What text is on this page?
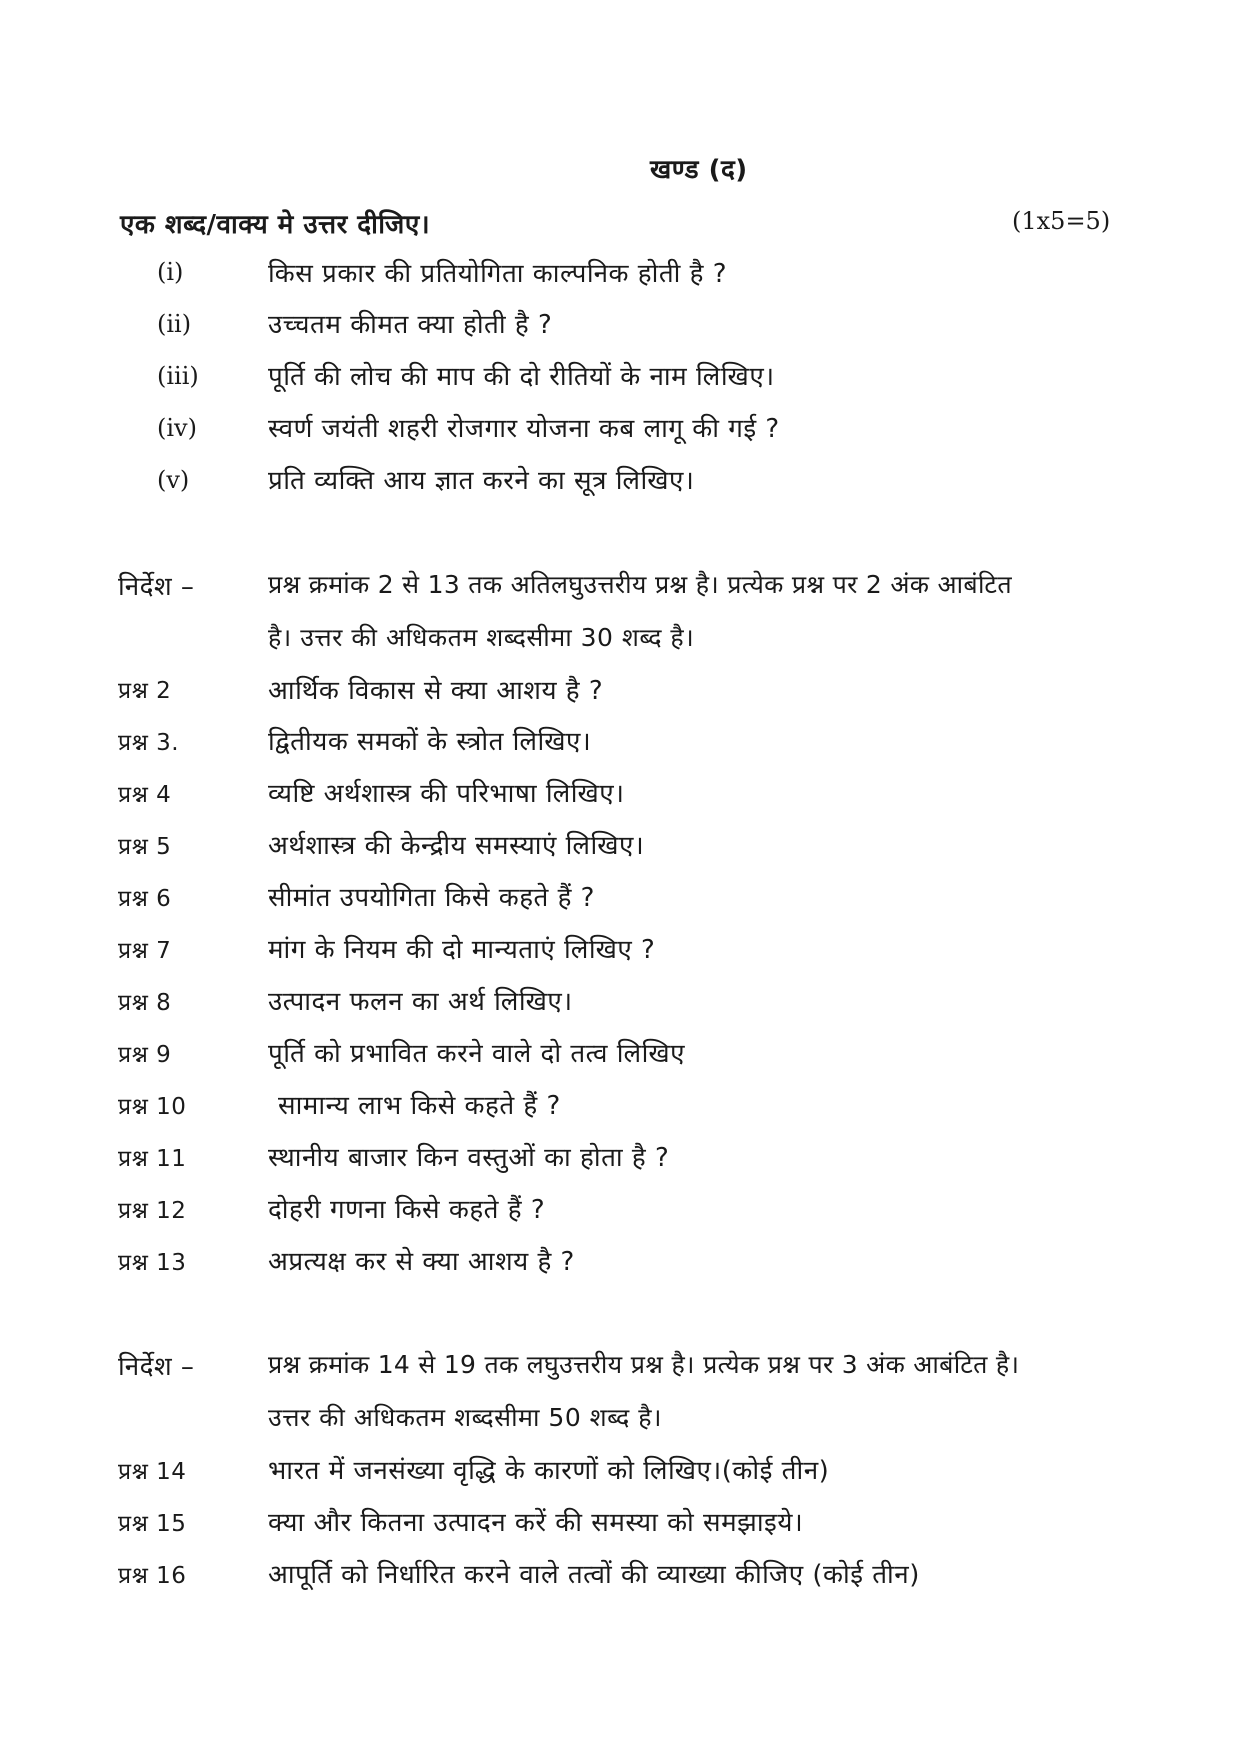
खण्ड (द)
एक शब्द/वाक्य मे उत्तर दीजिए।	(1x5=5)
(i)	किस प्रकार की प्रतियोगिता काल्पनिक होती है ?
(ii)	उच्चतम कीमत क्या होती है ?
(iii)	पूर्ति की लोच की माप की दो रीतियों के नाम लिखिए।
(iv)	स्वर्ण जयंती शहरी रोजगार योजना कब लागू की गई ?
(v)	प्रति व्यक्ति आय ज्ञात करने का सूत्र लिखिए।
निर्देश –	प्रश्न क्रमांक 2 से 13 तक अतिलघुउत्तरीय प्रश्न है। प्रत्येक प्रश्न पर 2 अंक आबंटित
है। उत्तर की अधिकतम शब्दसीमा 30 शब्द है।
प्रश्न 2	आर्थिक विकास से क्या आशय है ?
प्रश्न 3.	द्वितीयक समकों के स्त्रोत लिखिए।
प्रश्न 4	व्यष्टि अर्थशास्त्र की परिभाषा लिखिए।
प्रश्न 5	अर्थशास्त्र की केन्द्रीय समस्याएं लिखिए।
प्रश्न 6	सीमांत उपयोगिता किसे कहते हैं ?
प्रश्न 7	मांग के नियम की दो मान्यताएं लिखिए ?
प्रश्न 8	उत्पादन फलन का अर्थ लिखिए।
प्रश्न 9	पूर्ति को प्रभावित करने वाले दो तत्व लिखिए
प्रश्न 10	सामान्य लाभ किसे कहते हैं ?
प्रश्न 11	स्थानीय बाजार किन वस्तुओं का होता है ?
प्रश्न 12	दोहरी गणना किसे कहते हैं ?
प्रश्न 13	अप्रत्यक्ष कर से क्या आशय है ?
निर्देश –	प्रश्न क्रमांक 14 से 19 तक लघुउत्तरीय प्रश्न है। प्रत्येक प्रश्न पर 3 अंक आबंटित है।
उत्तर की अधिकतम शब्दसीमा 50 शब्द है।
प्रश्न 14	भारत में जनसंख्या वृद्धि के कारणों को लिखिए।(कोई तीन)
प्रश्न 15	क्या और कितना उत्पादन करें की समस्या को समझाइये।
प्रश्न 16	आपूर्ति को निर्धारित करने वाले तत्वों की व्याख्या कीजिए (कोई तीन)
